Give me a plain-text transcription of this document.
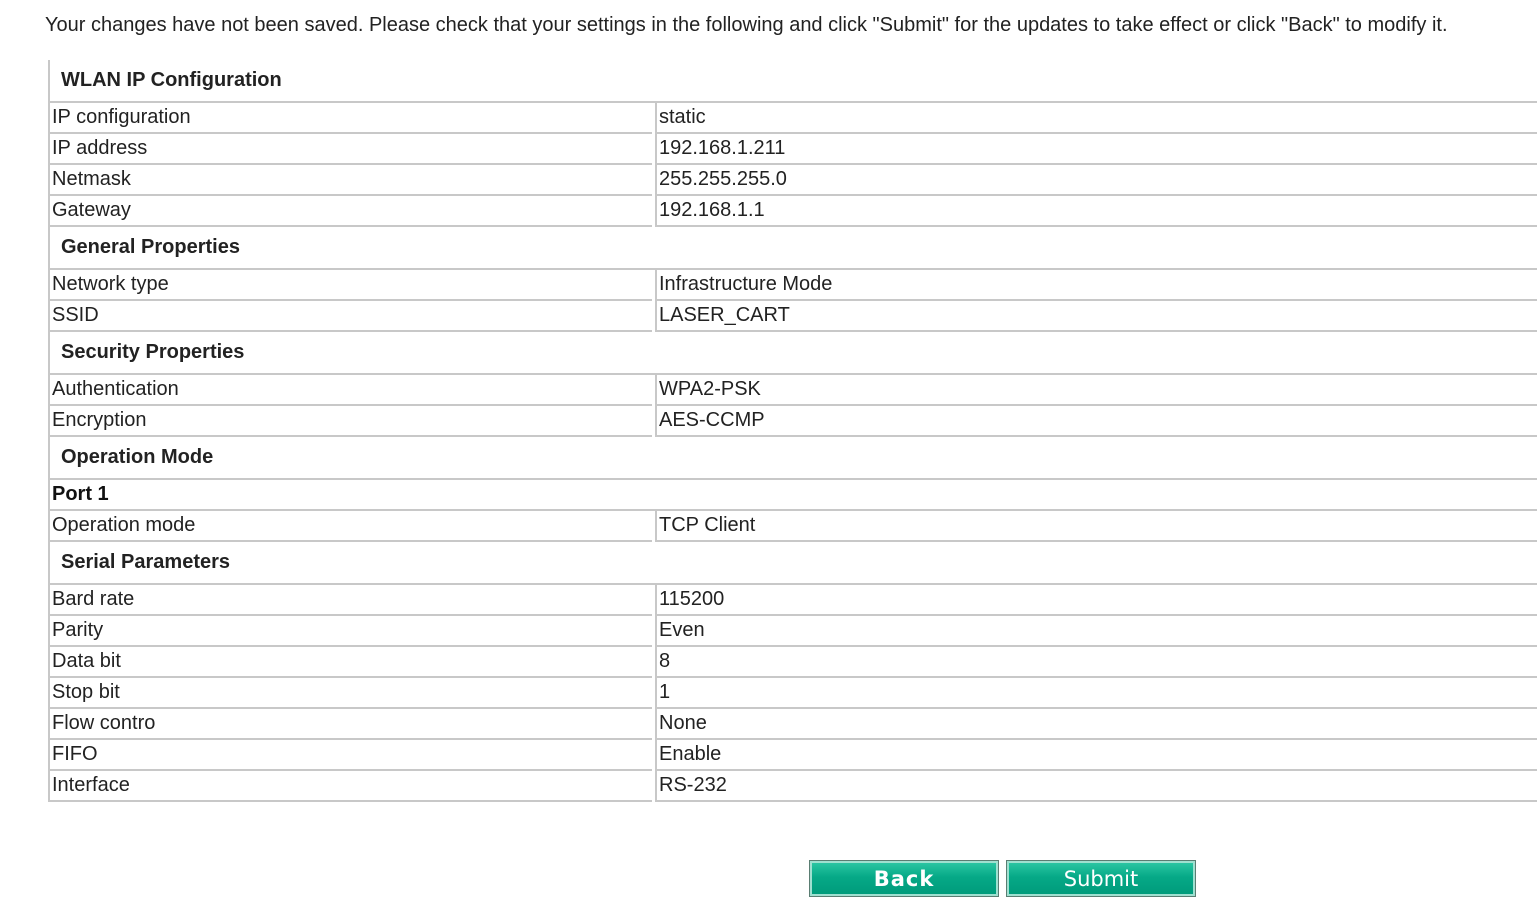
Your changes have not been saved. Please check that your settings in the following and click "Submit" for the updates to take effect or click "Back" to modify it.
WLAN IP Configuration		
IP configuration		static
IP address		192.168.1.211
Netmask		255.255.255.0
Gateway		192.168.1.1
General Properties		
Network type		Infrastructure Mode
SSID		LASER_CART
Security Properties		
Authentication		WPA2-PSK
Encryption		AES-CCMP
Operation Mode		
Port 1		
Operation mode		TCP Client
Serial Parameters		
Bard rate		115200
Parity		Even
Data bit		8
Stop bit		1
Flow contro		None
FIFO		Enable
Interface		RS-232
Back	Submit
